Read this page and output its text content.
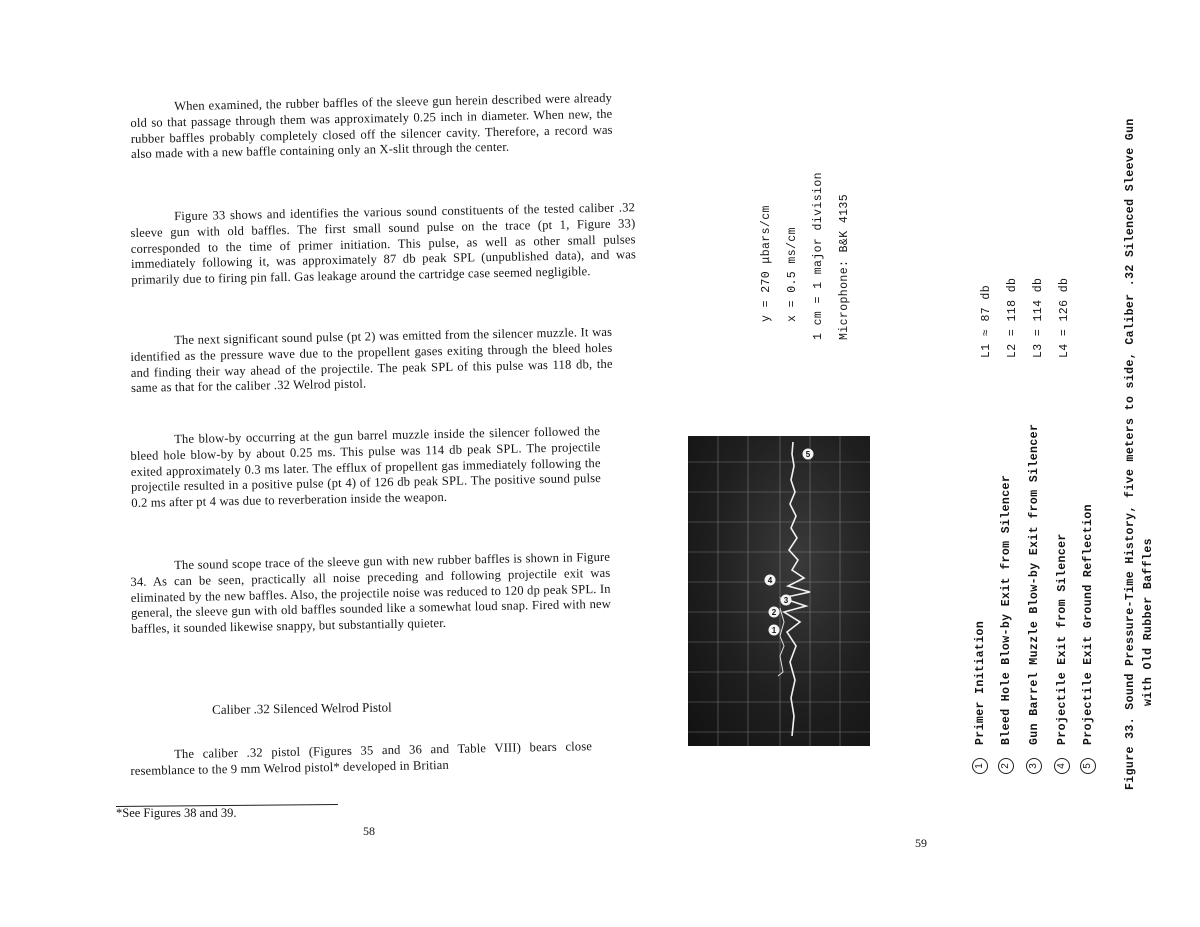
When examined, the rubber baffles of the sleeve gun herein described were already old so that passage through them was approximately 0.25 inch in diameter. When new, the rubber baffles probably completely closed off the silencer cavity. Therefore, a record was also made with a new baffle containing only an X-slit through the center.

Figure 33 shows and identifies the various sound constituents of the tested caliber .32 sleeve gun with old baffles. The first small sound pulse on the trace (pt 1, Figure 33) corresponded to the time of primer initiation. This pulse, as well as other small pulses immediately following it, was approximately 87 db peak SPL (unpublished data), and was primarily due to firing pin fall. Gas leakage around the cartridge case seemed negligible.

The next significant sound pulse (pt 2) was emitted from the silencer muzzle. It was identified as the pressure wave due to the propellent gases exiting through the bleed holes and finding their way ahead of the projectile. The peak SPL of this pulse was 118 db, the same as that for the caliber .32 Welrod pistol.

The blow-by occurring at the gun barrel muzzle inside the silencer followed the bleed hole blow-by by about 0.25 ms. This pulse was 114 db peak SPL. The projectile exited approximately 0.3 ms later. The efflux of propellent gas immediately following the projectile resulted in a positive pulse (pt 4) of 126 db peak SPL. The positive sound pulse 0.2 ms after pt 4 was due to reverberation inside the weapon.

The sound scope trace of the sleeve gun with new rubber baffles is shown in Figure 34. As can be seen, practically all noise preceding and following projectile exit was eliminated by the new baffles. Also, the projectile noise was reduced to 120 dp peak SPL. In general, the sleeve gun with old baffles sounded like a somewhat loud snap. Fired with new baffles, it sounded likewise snappy, but substantially quieter.

Caliber .32 Silenced Welrod Pistol

The caliber .32 pistol (Figures 35 and 36 and Table VIII) bears close resemblance to the 9 mm Welrod pistol* developed in Britian

*See Figures 38 and 39.
58
y = 270 μbars/cm x = 0.5 ms/cm 1 cm = 1 major division Microphone: B&K 4135	L1 ≈ 87 db L2 = 118 db L3 = 114 db L4 = 126 db
1
Primer Initiation
2
Bleed Hole Blow-by Exit from Silencer
3
Gun Barrel Muzzle Blow-by Exit from Silencer
4
Projectile Exit from Silencer
5
Projectile Exit Ground Reflection	Figure 33. Sound Pressure-Time History, five meters to side, Caliber .32 Silenced Sleeve Gun with Old Rubber Baffles
1
2
3
4
5
59
